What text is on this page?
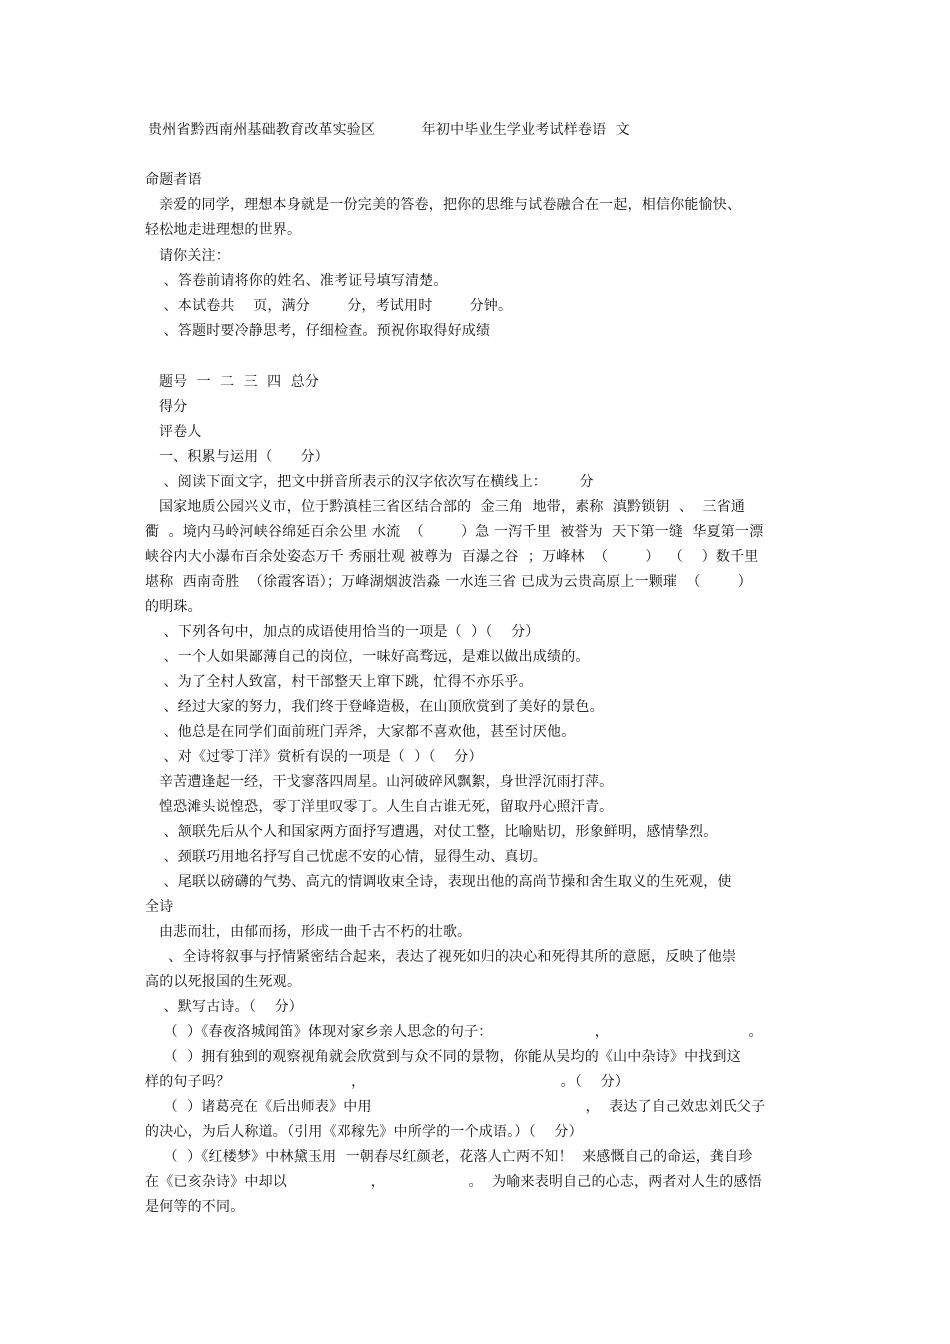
贵州省黔西南州基础教育改革实验区          年初中毕业生学业考试样卷语  文
命题者语
亲爱的同学，理想本身就是一份完美的答卷，把你的思维与试卷融合在一起，相信你能愉快、
轻松地走进理想的世界。
请你关注：
、答卷前请将你的姓名、准考证号填写清楚。
、本试卷共    页，满分        分，考试用时        分钟。
、答题时要冷静思考，仔细检查。预祝你取得好成绩
题号  一  二  三  四  总分
得分
评卷人
一、积累与运用（      分）
、阅读下面文字，把文中拼音所表示的汉字依次写在横线上：       分
国家地质公园兴义市，位于黔滇桂三省区结合部的  金三角  地带，素称  滇黔锁钥  、  三省通
衢  。境内马岭河峡谷绵延百余公里 水流  （        ）急 一泻千里  被誉为  天下第一缝  华夏第一漂
峡谷内大小瀑布百余处姿态万千 秀丽壮观 被尊为  百瀑之谷  ；万峰林  （        ）  （    ）数千里
堪称  西南奇胜  （徐霞客语）；万峰湖烟波浩淼 一水连三省 已成为云贵高原上一颗璀  （        ）
的明珠。
、下列各句中，加点的成语使用恰当的一项是（  ）（    分）
、一个人如果鄙薄自己的岗位，一味好高骛远，是难以做出成绩的。
、为了全村人致富，村干部整天上窜下跳，忙得不亦乐乎。
、经过大家的努力，我们终于登峰造极，在山顶欣赏到了美好的景色。
、他总是在同学们面前班门弄斧，大家都不喜欢他，甚至讨厌他。
、对《过零丁洋》赏析有误的一项是（  ）（    分）
辛苦遭逢起一经，干戈寥落四周星。山河破碎风飘絮，身世浮沉雨打萍。
惶恐滩头说惶恐，零丁洋里叹零丁。人生自古谁无死，留取丹心照汗青。
、颔联先后从个人和国家两方面抒写遭遇，对仗工整，比喻贴切，形象鲜明，感情挚烈。
、颈联巧用地名抒写自己忧虑不安的心情，显得生动、真切。
、尾联以磅礴的气势、高亢的情调收束全诗，表现出他的高尚节操和舍生取义的生死观，使
全诗
由悲而壮，由郁而扬，形成一曲千古不朽的壮歌。
、全诗将叙事与抒情紧密结合起来，表达了视死如归的决心和死得其所的意愿，反映了他崇
高的以死报国的生死观。
、默写古诗。（    分）
（  ）《春夜洛城闻笛》体现对家乡亲人思念的句子：                      ，                              。
（  ）拥有独到的观察视角就会欣赏到与众不同的景物，你能从吴均的《山中杂诗》中找到这
样的句子吗？                          ，                                          。（    分）
（  ）诸葛亮在《后出师表》中用                                              ，  表达了自己效忠刘氏父子
的决心，为后人称道。（引用《邓稼先》中所学的一个成语。）（    分）
（  ）《红楼梦》中林黛玉用  一朝春尽红颜老，花落人亡两不知！  来感慨自己的命运，龚自珍
在《已亥杂诗》中却以                  ，                  。  为喻来表明自己的心志，两者对人生的感悟
是何等的不同。
